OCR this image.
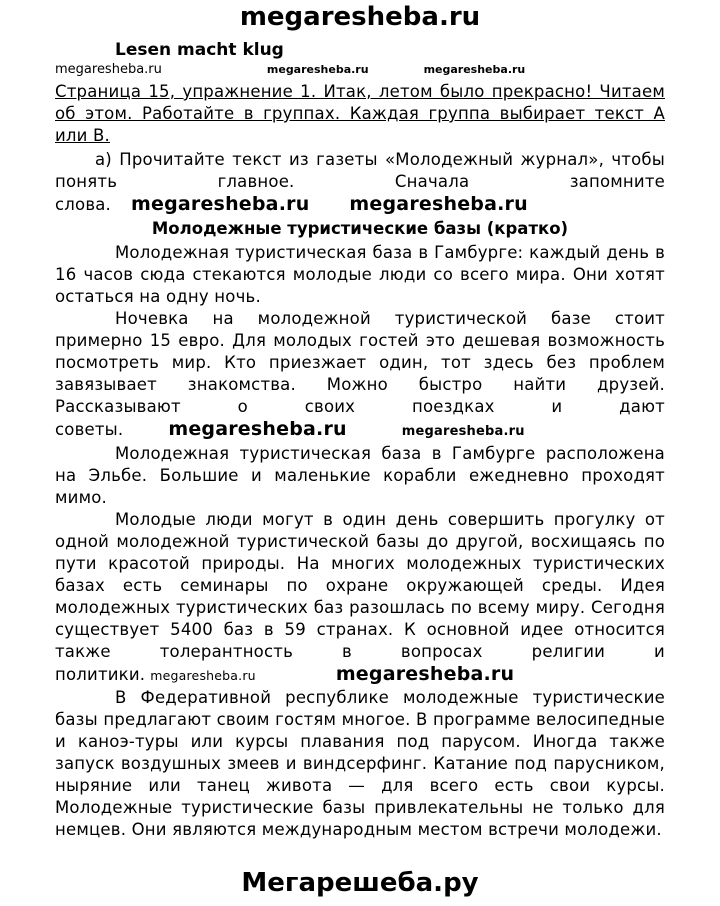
megaresheba.ru
Lesen macht klug
megaresheba.ru	megaresheba.ru	megaresheba.ru

Страница 15, упражнение 1. Итак, летом было прекрасно! Читаем об этом. Работайте в группах. Каждая группа выбирает текст А или В.

а) Прочитайте текст из газеты «Молодежный журнал», чтобы понять главное. Сначала запомните слова. megaresheba.ru megaresheba.ru

Молодежные туристические базы (кратко)

Молодежная туристическая база в Гамбурге: каждый день в 16 часов сюда стекаются молодые люди со всего мира. Они хотят остаться на одну ночь.

Ночевка на молодежной туристической базе стоит примерно 15 евро. Для молодых гостей это дешевая возможность посмотреть мир. Кто приезжает один, тот здесь без проблем завязывает знакомства. Можно быстро найти друзей. Рассказывают о своих поездках и дают советы. megaresheba.ru	megaresheba.ru

Молодежная туристическая база в Гамбурге расположена на Эльбе. Большие и маленькие корабли ежедневно проходят мимо.

Молодые люди могут в один день совершить прогулку от одной молодежной туристической базы до другой, восхищаясь по пути красотой природы. На многих молодежных туристических базах есть семинары по охране окружающей среды. Идея молодежных туристических баз разошлась по всему миру. Сегодня существует 5400 баз в 59 странах. К основной идее относится также толерантность в вопросах религии и политики. megaresheba.ru	megaresheba.ru

В Федеративной республике молодежные туристические базы предлагают своим гостям многое. В программе велосипедные и каноэ-туры или курсы плавания под парусом. Иногда также запуск воздушных змеев и виндсерфинг. Катание под парусником, ныряние или танец живота — для всего есть свои курсы. Молодежные туристические базы привлекательны не только для немцев. Они являются международным местом встречи молодежи.

Мегарешеба.ру
